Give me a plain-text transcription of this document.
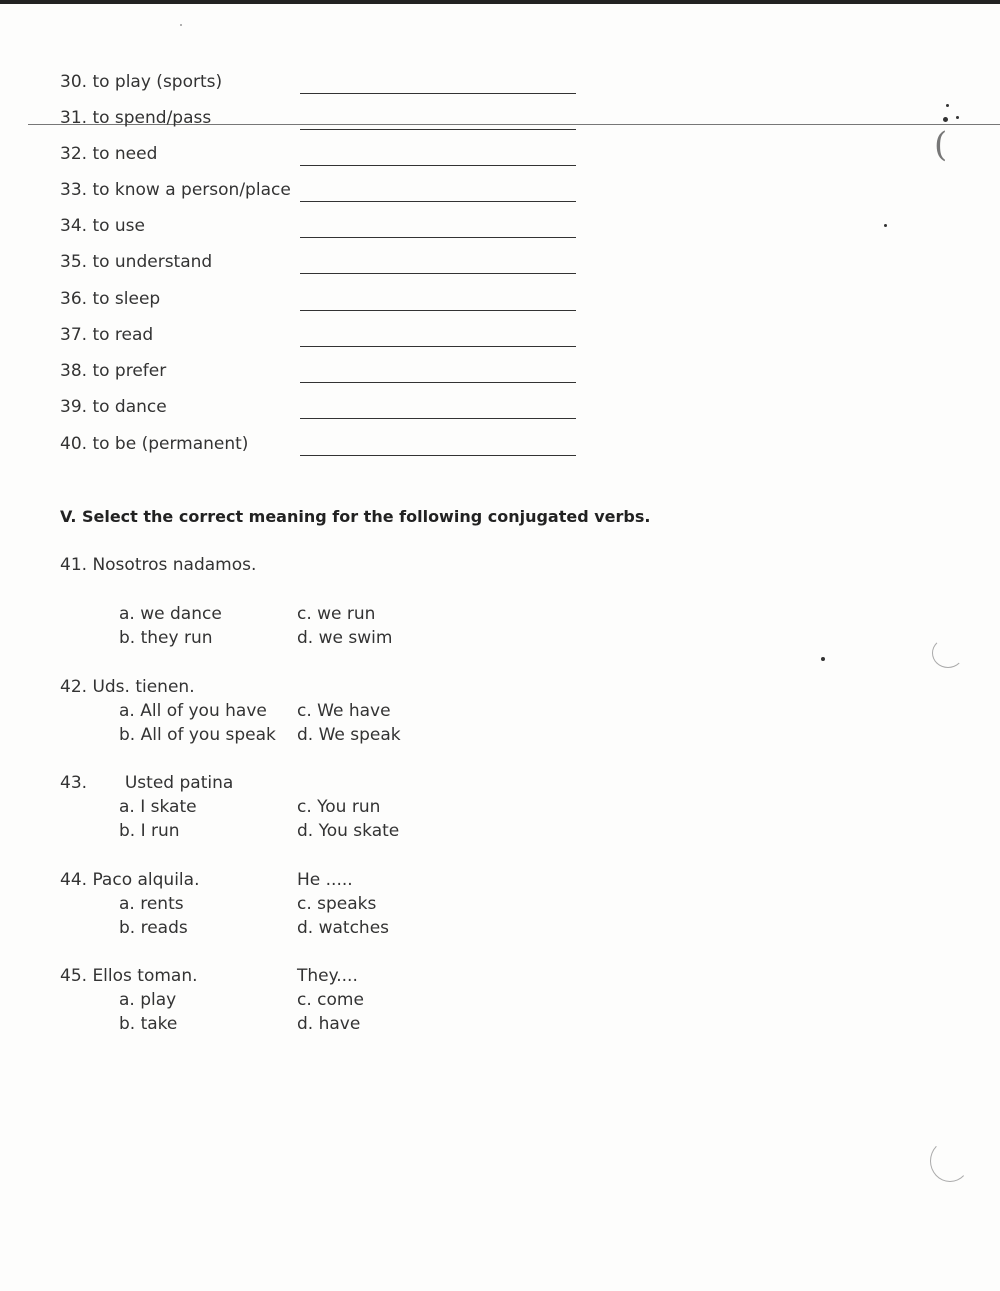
30. to play (sports)
31. to spend/pass
32. to need
33. to know a person/place
34. to use
35. to understand
36. to sleep
37. to read
38. to prefer
39. to dance
40. to be (permanent)
V. Select the correct meaning for the following conjugated verbs.
41. Nosotros nadamos.
a. we dance
b. they run
c. we run
d. we swim
42. Uds. tienen.
a. All of you have
b. All of you speak
c. We have
d. We speak
43.       Usted patina
a. I skate
b. I run
c. You run
d. You skate
44. Paco alquila.	He .....
a. rents
b. reads
c. speaks
d. watches
45. Ellos toman.	They....
a. play
b. take
c. come
d. have
(
